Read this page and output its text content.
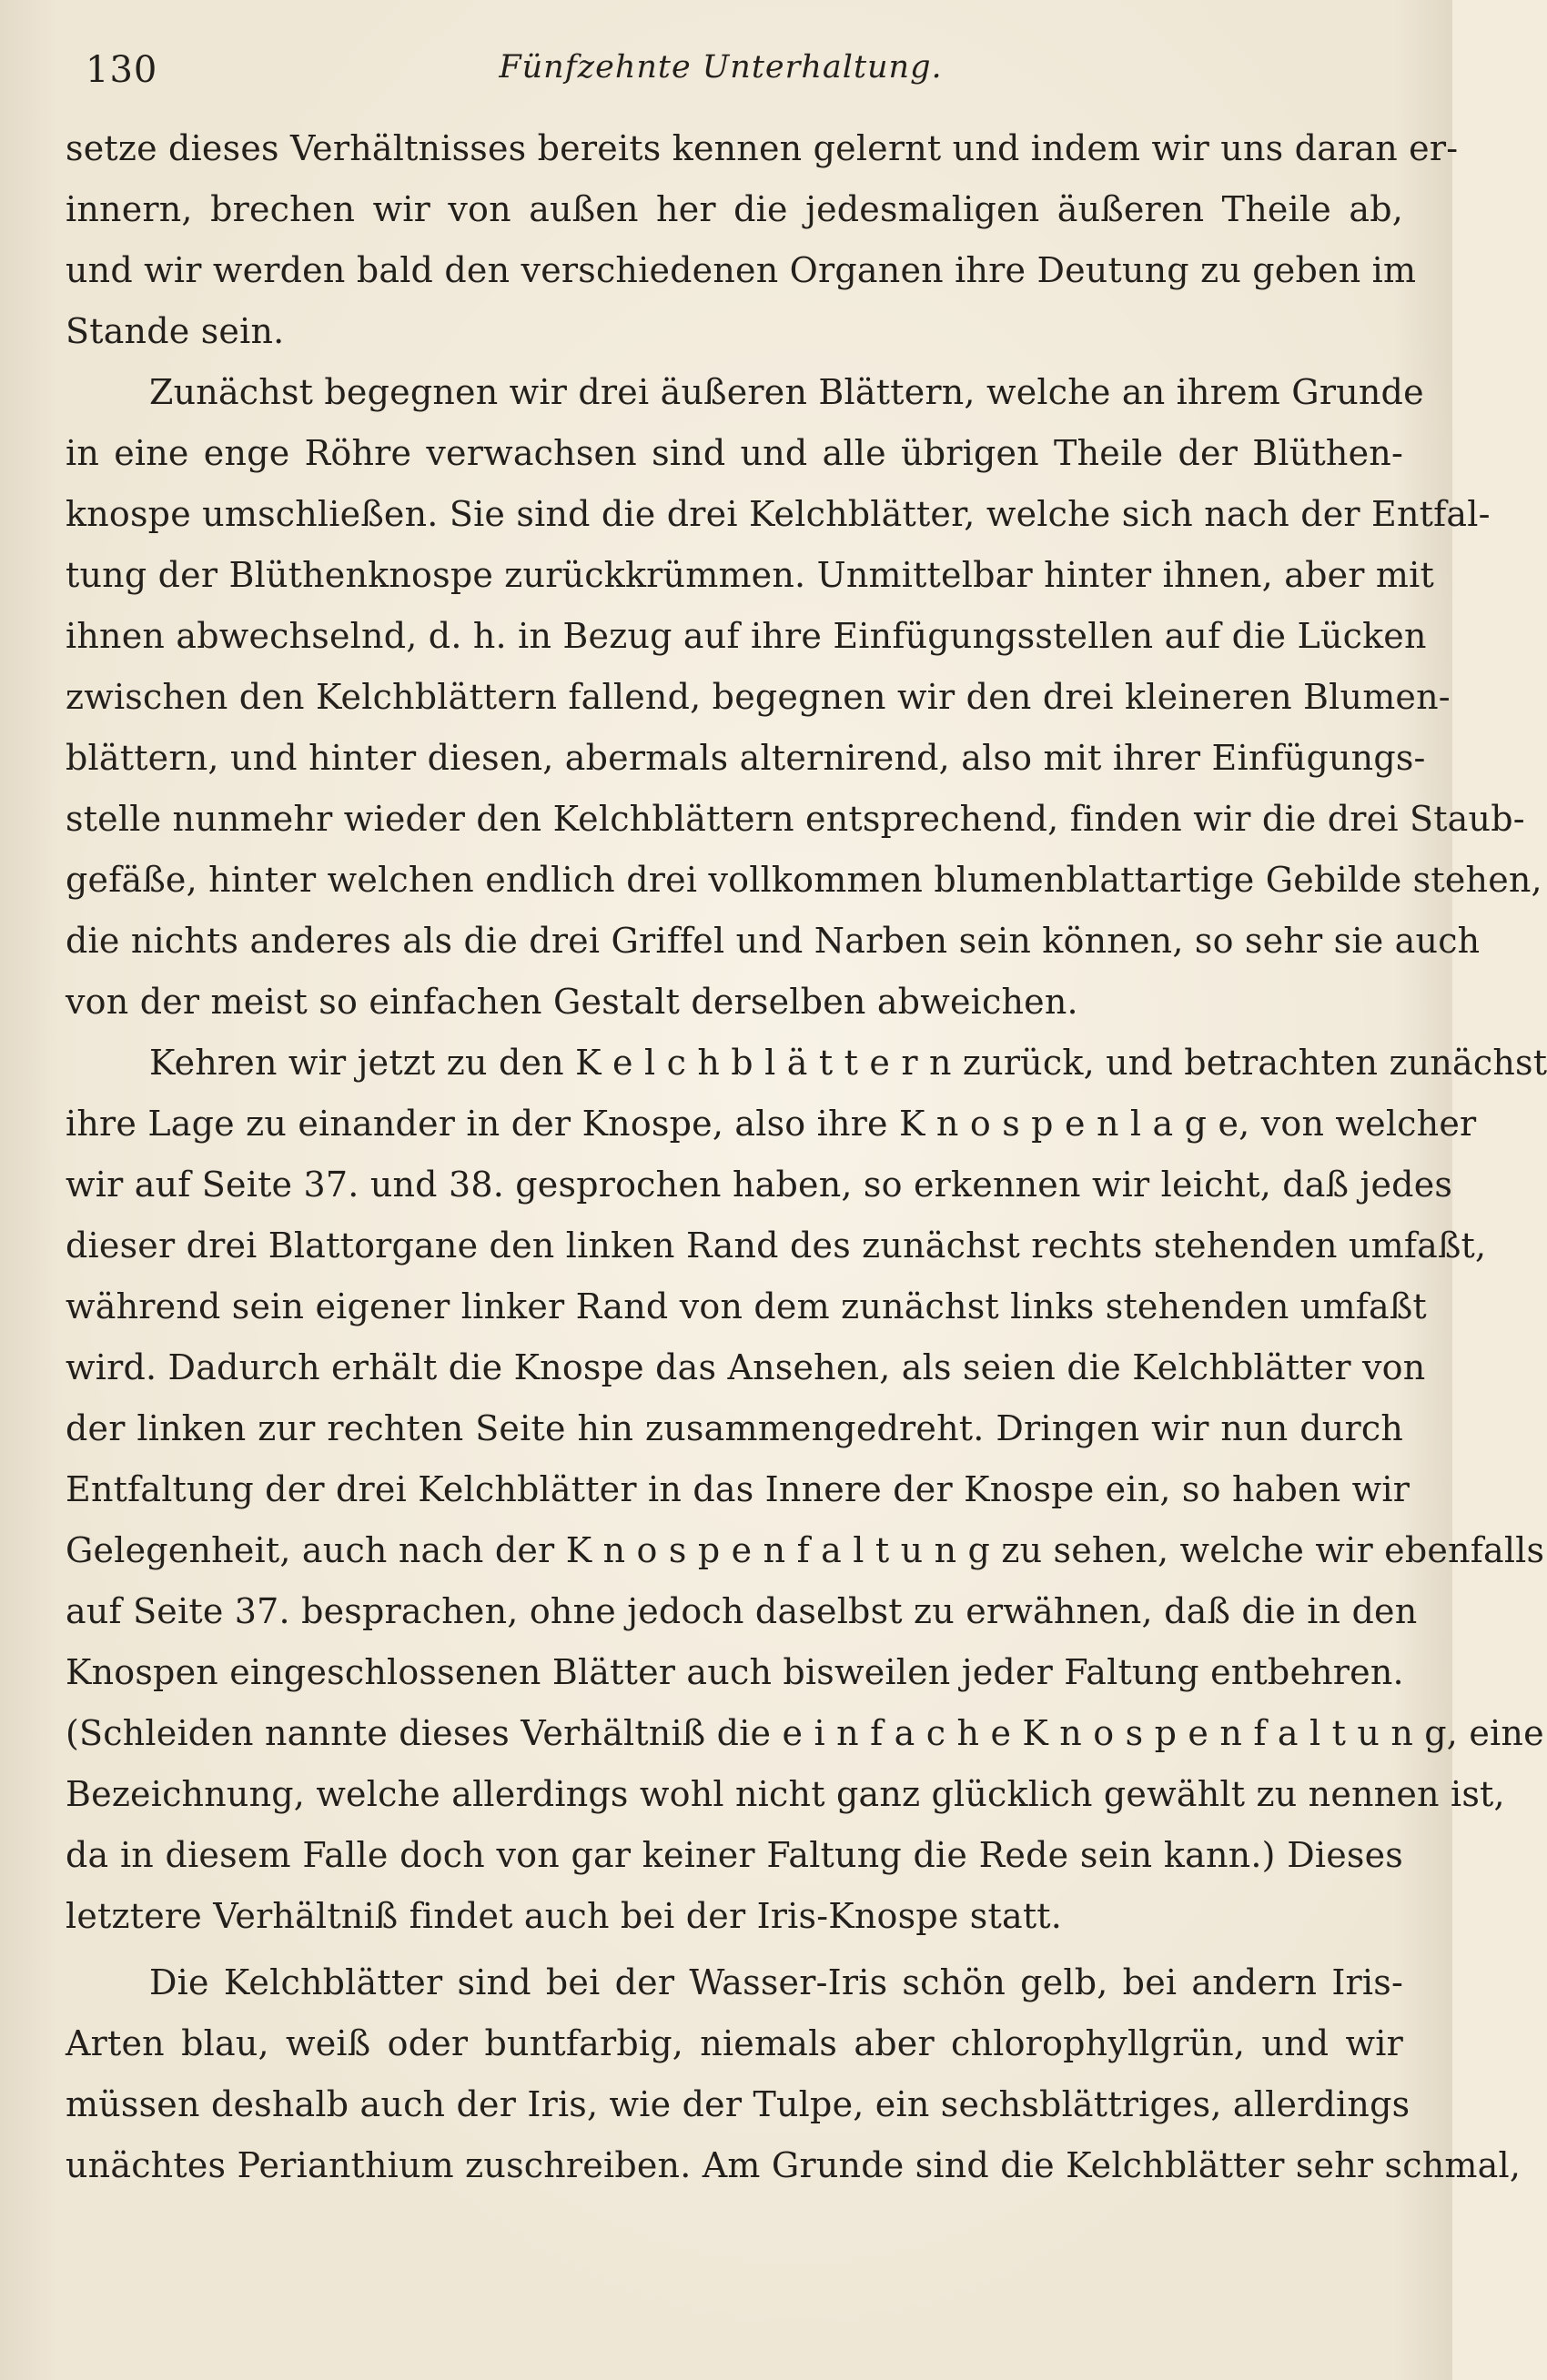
130	Fünfzehnte Unterhaltung.
setze dieses Verhältnisses bereits kennen gelernt und indem wir uns daran er-
innern, brechen wir von außen her die jedesmaligen äußeren Theile ab,
und wir werden bald den verschiedenen Organen ihre Deutung zu geben im
Stande sein.
Zunächst begegnen wir drei äußeren Blättern, welche an ihrem Grunde
in eine enge Röhre verwachsen sind und alle übrigen Theile der Blüthen-
knospe umschließen. Sie sind die drei Kelchblätter, welche sich nach der Entfal-
tung der Blüthenknospe zurückkrümmen. Unmittelbar hinter ihnen, aber mit
ihnen abwechselnd, d. h. in Bezug auf ihre Einfügungsstellen auf die Lücken
zwischen den Kelchblättern fallend, begegnen wir den drei kleineren Blumen-
blättern, und hinter diesen, abermals alternirend, also mit ihrer Einfügungs-
stelle nunmehr wieder den Kelchblättern entsprechend, finden wir die drei Staub-
gefäße, hinter welchen endlich drei vollkommen blumenblattartige Gebilde stehen,
die nichts anderes als die drei Griffel und Narben sein können, so sehr sie auch
von der meist so einfachen Gestalt derselben abweichen.
Kehren wir jetzt zu den K e l c h b l ä t t e r n zurück, und betrachten zunächst
ihre Lage zu einander in der Knospe, also ihre K n o s p e n l a g e, von welcher
wir auf Seite 37. und 38. gesprochen haben, so erkennen wir leicht, daß jedes
dieser drei Blattorgane den linken Rand des zunächst rechts stehenden umfaßt,
während sein eigener linker Rand von dem zunächst links stehenden umfaßt
wird. Dadurch erhält die Knospe das Ansehen, als seien die Kelchblätter von
der linken zur rechten Seite hin zusammengedreht. Dringen wir nun durch
Entfaltung der drei Kelchblätter in das Innere der Knospe ein, so haben wir
Gelegenheit, auch nach der K n o s p e n f a l t u n g zu sehen, welche wir ebenfalls
auf Seite 37. besprachen, ohne jedoch daselbst zu erwähnen, daß die in den
Knospen eingeschlossenen Blätter auch bisweilen jeder Faltung entbehren.
(Schleiden nannte dieses Verhältniß die e i n f a c h e K n o s p e n f a l t u n g, eine
Bezeichnung, welche allerdings wohl nicht ganz glücklich gewählt zu nennen ist,
da in diesem Falle doch von gar keiner Faltung die Rede sein kann.) Dieses
letztere Verhältniß findet auch bei der Iris-Knospe statt.
Die Kelchblätter sind bei der Wasser-Iris schön gelb, bei andern Iris-
Arten blau, weiß oder buntfarbig, niemals aber chlorophyllgrün, und wir
müssen deshalb auch der Iris, wie der Tulpe, ein sechsblättriges, allerdings
unächtes Perianthium zuschreiben. Am Grunde sind die Kelchblätter sehr schmal,
